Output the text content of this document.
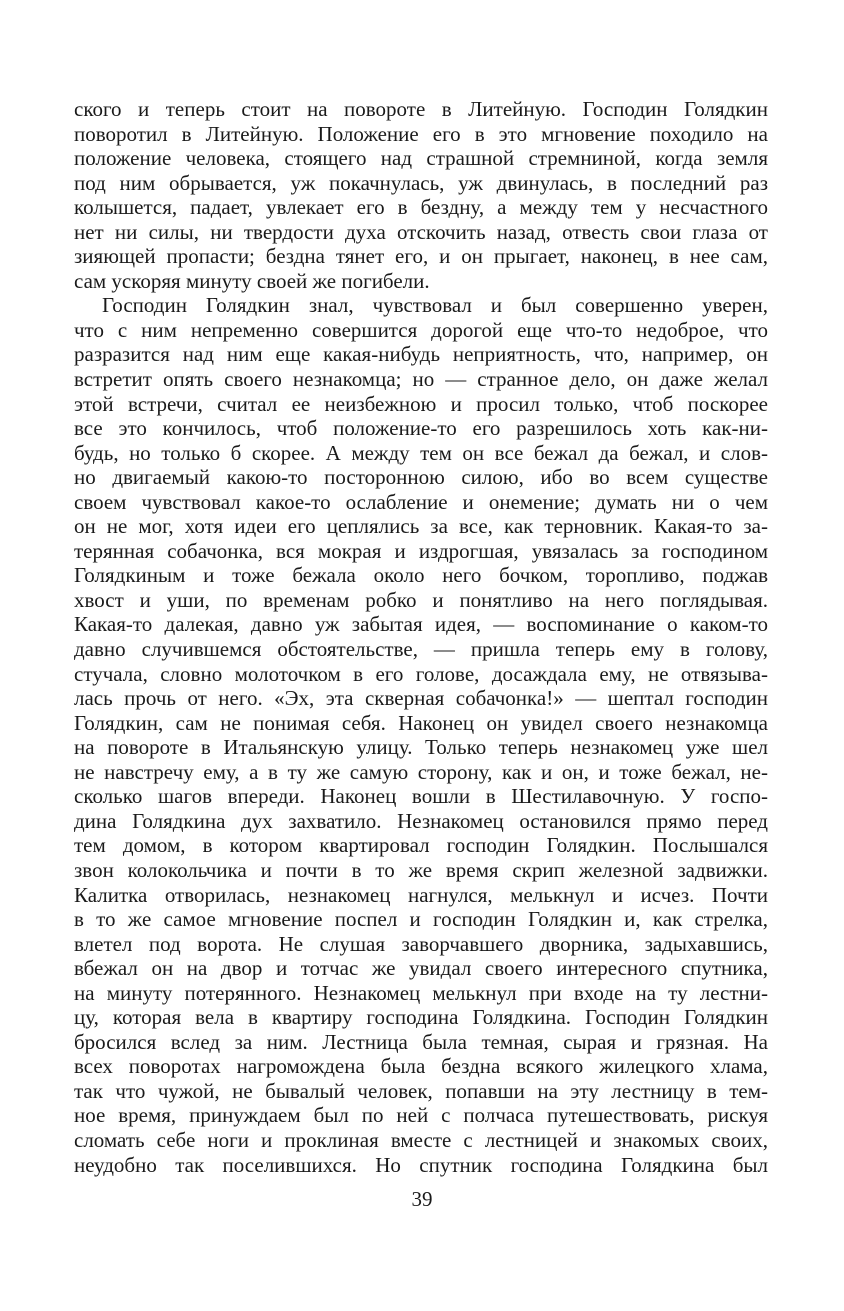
ского и теперь стоит на повороте в Литейную. Господин Голядкин
поворотил в Литейную. Положение его в это мгновение походило на
положение человека, стоящего над страшной стремниной, когда земля
под ним обрывается, уж покачнулась, уж двинулась, в последний раз
колышется, падает, увлекает его в бездну, а между тем у несчастного
нет ни силы, ни твердости духа отскочить назад, отвесть свои глаза от
зияющей пропасти; бездна тянет его, и он прыгает, наконец, в нее сам,
сам ускоряя минуту своей же погибели.
Господин Голядкин знал, чувствовал и был совершенно уверен,
что с ним непременно совершится дорогой еще что-то недоброе, что
разразится над ним еще какая-нибудь неприятность, что, например, он
встретит опять своего незнакомца; но — странное дело, он даже желал
этой встречи, считал ее неизбежною и просил только, чтоб поскорее
все это кончилось, чтоб положение-то его разрешилось хоть как-ни-
будь, но только б скорее. А между тем он все бежал да бежал, и слов-
но двигаемый какою-то посторонною силою, ибо во всем существе
своем чувствовал какое-то ослабление и онемение; думать ни о чем
он не мог, хотя идеи его цеплялись за все, как терновник. Какая-то за-
терянная собачонка, вся мокрая и издрогшая, увязалась за господином
Голядкиным и тоже бежала около него бочком, торопливо, поджав
хвост и уши, по временам робко и понятливо на него поглядывая.
Какая-то далекая, давно уж забытая идея, — воспоминание о каком-то
давно случившемся обстоятельстве, — пришла теперь ему в голову,
стучала, словно молоточком в его голове, досаждала ему, не отвязыва-
лась прочь от него. «Эх, эта скверная собачонка!» — шептал господин
Голядкин, сам не понимая себя. Наконец он увидел своего незнакомца
на повороте в Итальянскую улицу. Только теперь незнакомец уже шел
не навстречу ему, а в ту же самую сторону, как и он, и тоже бежал, не-
сколько шагов впереди. Наконец вошли в Шестилавочную. У госпо-
дина Голядкина дух захватило. Незнакомец остановился прямо перед
тем домом, в котором квартировал господин Голядкин. Послышался
звон колокольчика и почти в то же время скрип железной задвижки.
Калитка отворилась, незнакомец нагнулся, мелькнул и исчез. Почти
в то же самое мгновение поспел и господин Голядкин и, как стрелка,
влетел под ворота. Не слушая заворчавшего дворника, задыхавшись,
вбежал он на двор и тотчас же увидал своего интересного спутника,
на минуту потерянного. Незнакомец мелькнул при входе на ту лестни-
цу, которая вела в квартиру господина Голядкина. Господин Голядкин
бросился вслед за ним. Лестница была темная, сырая и грязная. На
всех поворотах нагромождена была бездна всякого жилецкого хлама,
так что чужой, не бывалый человек, попавши на эту лестницу в тем-
ное время, принуждаем был по ней с полчаса путешествовать, рискуя
сломать себе ноги и проклиная вместе с лестницей и знакомых своих,
неудобно так поселившихся. Но спутник господина Голядкина был
39
